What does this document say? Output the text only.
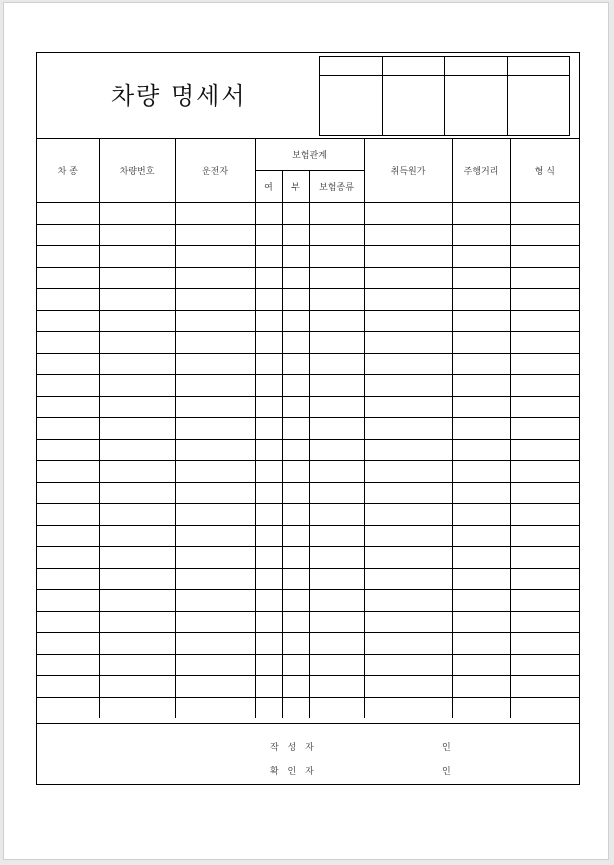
차량 명세서

차 종	차량번호	운전자	보험관계			취득원가	주행거리	형 식
			여	부	보험종류			

작 성 자	인
확 인 자	인
